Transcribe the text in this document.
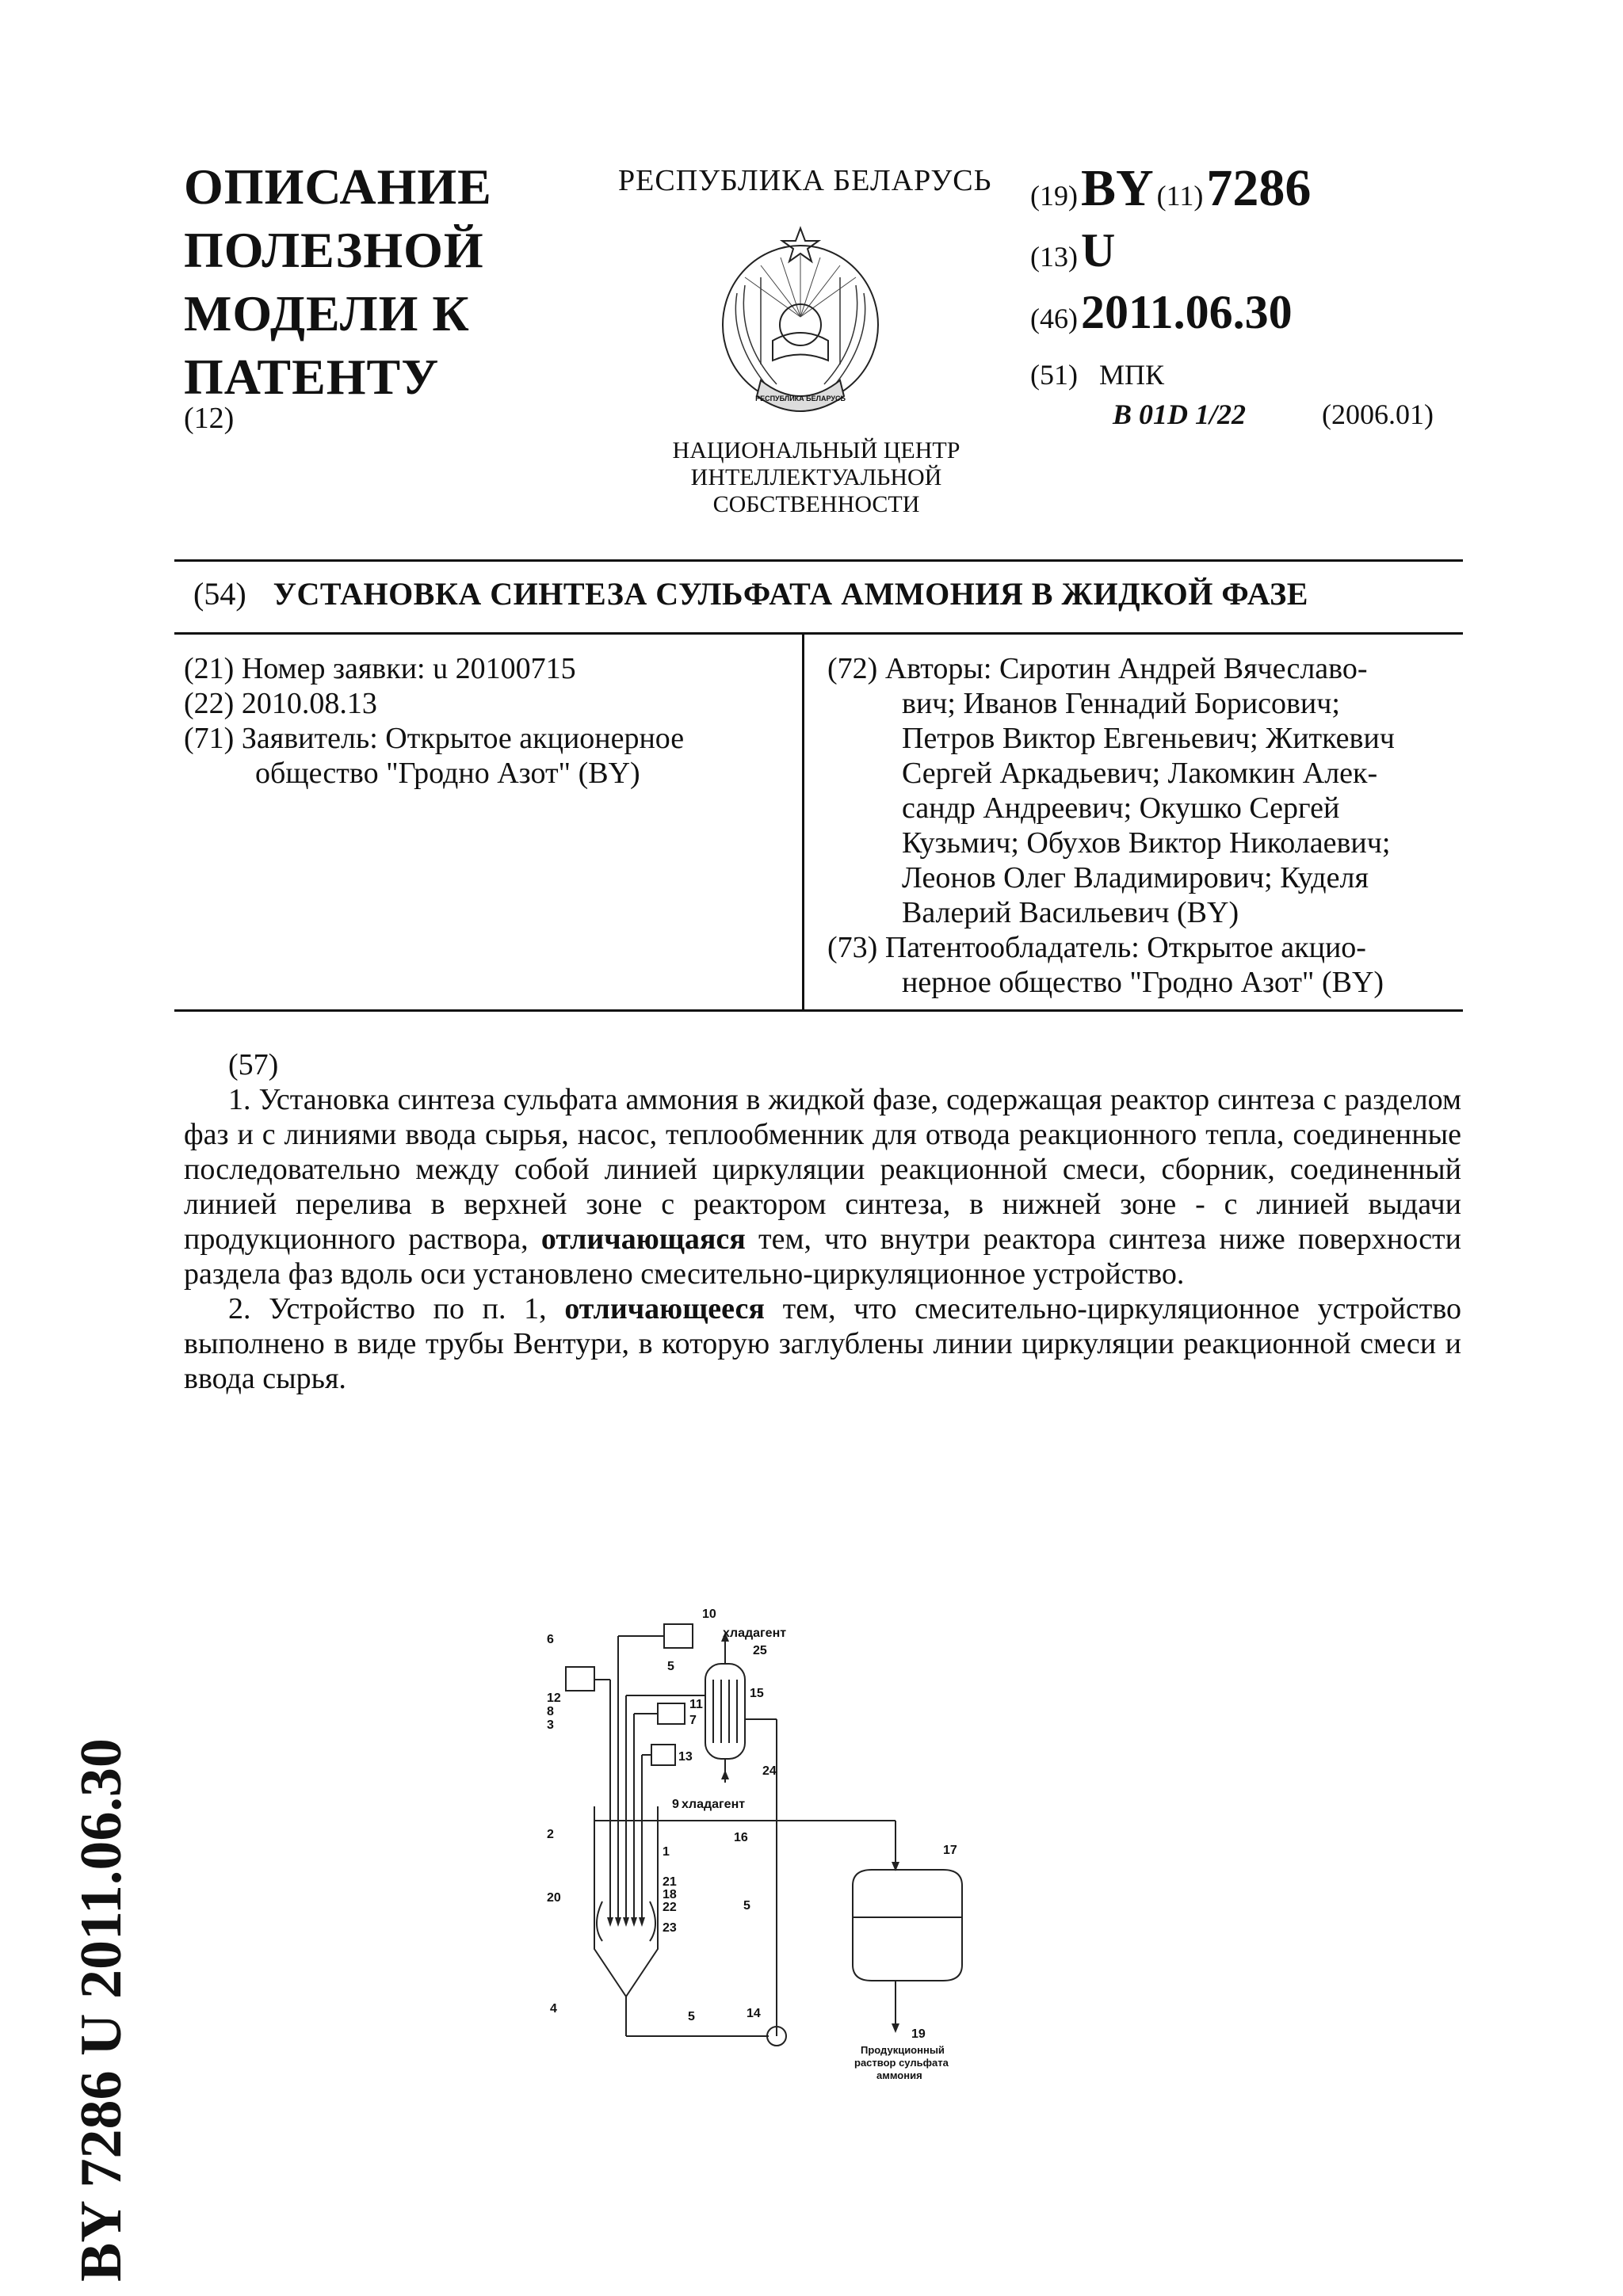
ОПИСАНИЕ
ПОЛЕЗНОЙ
МОДЕЛИ К
ПАТЕНТУ
(12)
РЕСПУБЛИКА БЕЛАРУСЬ
РЕСПУБЛИКА БЕЛАРУСЬ
НАЦИОНАЛЬНЫЙ ЦЕНТР
ИНТЕЛЛЕКТУАЛЬНОЙ
СОБСТВЕННОСТИ
(19) BY (11) 7286
(13) U
(46) 2011.06.30
(51) МПК
B 01D 1/22	(2006.01)
(54) УСТАНОВКА СИНТЕЗА СУЛЬФАТА АММОНИЯ В ЖИДКОЙ ФАЗЕ
(21) Номер заявки: u 20100715
(22) 2010.08.13
(71) Заявитель: Открытое акционерное
общество "Гродно Азот" (BY)
(72) Авторы: Сиротин Андрей Вячеславо-
вич; Иванов Геннадий Борисович;
Петров Виктор Евгеньевич; Житкевич
Сергей Аркадьевич; Лакомкин Алек-
сандр Андреевич; Окушко Сергей
Кузьмич; Обухов Виктор Николаевич;
Леонов Олег Владимирович; Куделя
Валерий Васильевич (BY)
(73) Патентообладатель: Открытое акцио-
нерное общество "Гродно Азот" (BY)

(57)

1. Установка синтеза сульфата аммония в жидкой фазе, содержащая реактор синтеза с разделом фаз и с линиями ввода сырья, насос, теплообменник для отвода реакционного тепла, соединенные последовательно между собой линией циркуляции реакционной смеси, сборник, соединенный линией перелива в верхней зоне с реактором синтеза, в нижней зоне - с линией выдачи продукционного раствора, отличающаяся тем, что внутри реактора синтеза ниже поверхности раздела фаз вдоль оси установлено смесительно-циркуляционное устройство.

2. Устройство по п. 1, отличающееся тем, что смесительно-циркуляционное устройство выполнено в виде трубы Вентури, в которую заглублены линии циркуляции реакционной смеси и ввода сырья.

BY 7286 U 2011.06.30
10
6
5
12
8
3
11
7
13
9 хладагент
хладагент
25
15
24
2
20
1
21
18
22
23
16
5
4
5	14
17
19
Продукционный
раствор сульфата
аммония
